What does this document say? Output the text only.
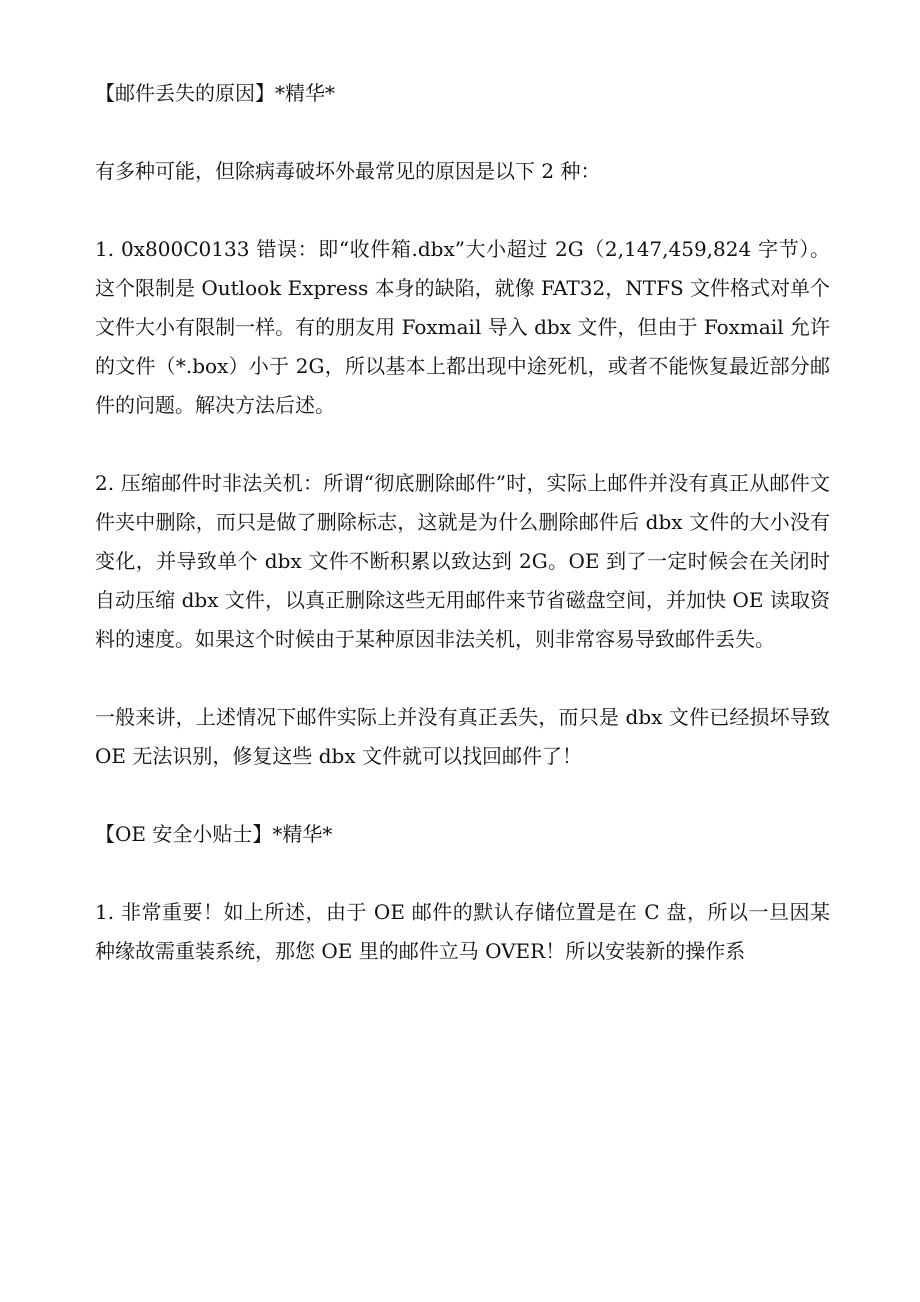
【邮件丢失的原因】*精华*

有多种可能，但除病毒破坏外最常见的原因是以下 2 种：

1. 0x800C0133 错误：即“收件箱.dbx”大小超过 2G（2,147,459,824 字节）。这个限制是 Outlook Express 本身的缺陷，就像 FAT32，NTFS 文件格式对单个文件大小有限制一样。有的朋友用 Foxmail 导入 dbx 文件，但由于 Foxmail 允许的文件（*.box）小于 2G，所以基本上都出现中途死机，或者不能恢复最近部分邮件的问题。解决方法后述。

2. 压缩邮件时非法关机：所谓“彻底删除邮件”时，实际上邮件并没有真正从邮件文件夹中删除，而只是做了删除标志，这就是为什么删除邮件后 dbx 文件的大小没有变化，并导致单个 dbx 文件不断积累以致达到 2G。OE 到了一定时候会在关闭时自动压缩 dbx 文件，以真正删除这些无用邮件来节省磁盘空间，并加快 OE 读取资料的速度。如果这个时候由于某种原因非法关机，则非常容易导致邮件丢失。

一般来讲，上述情况下邮件实际上并没有真正丢失，而只是 dbx 文件已经损坏导致 OE 无法识别，修复这些 dbx 文件就可以找回邮件了！

【OE 安全小贴士】*精华*

1. 非常重要！如上所述，由于 OE 邮件的默认存储位置是在 C 盘，所以一旦因某种缘故需重装系统，那您 OE 里的邮件立马 OVER！所以安装新的操作系
